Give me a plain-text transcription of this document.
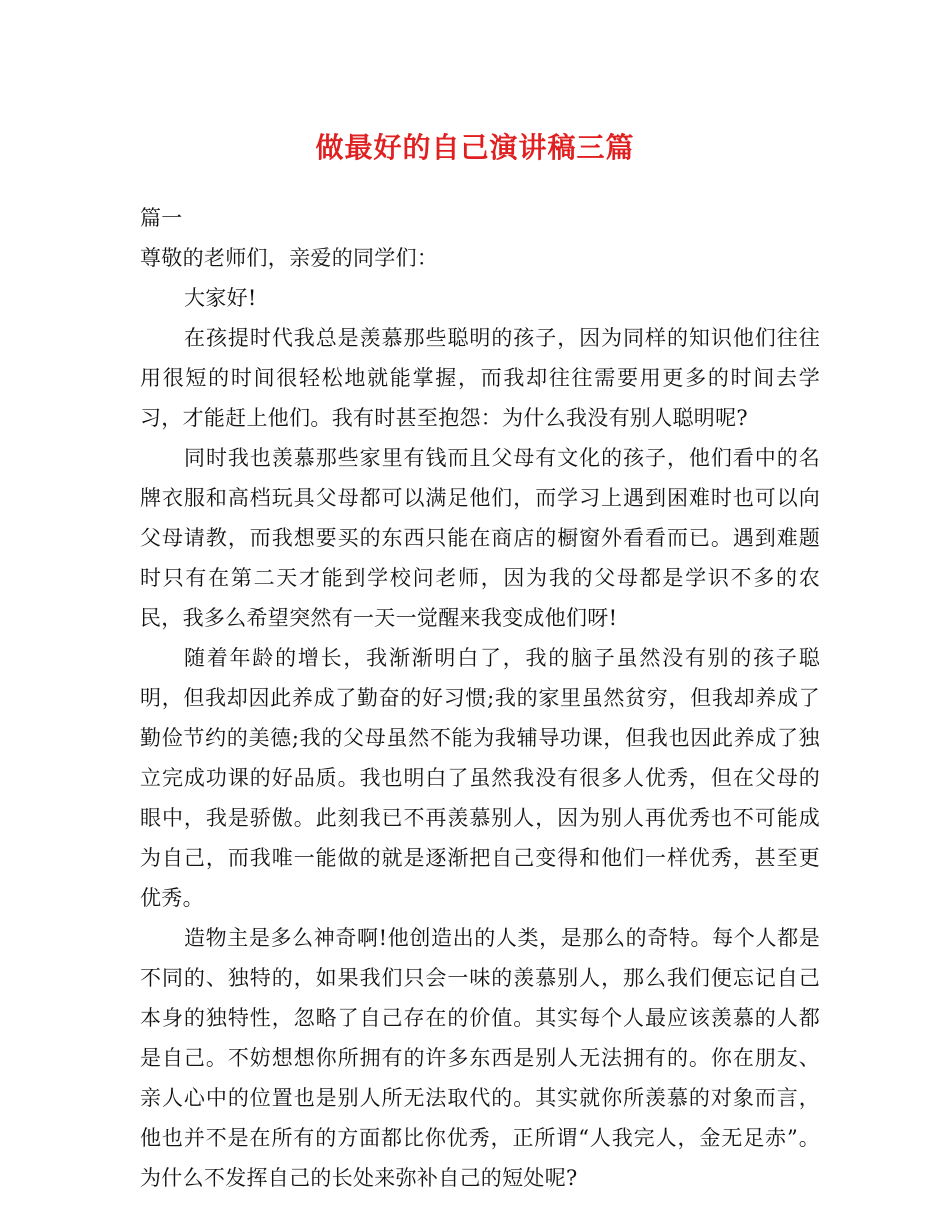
做最好的自己演讲稿三篇

篇一

尊敬的老师们，亲爱的同学们：

大家好!

在孩提时代我总是羡慕那些聪明的孩子，因为同样的知识他们往往用很短的时间很轻松地就能掌握，而我却往往需要用更多的时间去学习，才能赶上他们。我有时甚至抱怨：为什么我没有别人聪明呢?

同时我也羡慕那些家里有钱而且父母有文化的孩子，他们看中的名牌衣服和高档玩具父母都可以满足他们，而学习上遇到困难时也可以向父母请教，而我想要买的东西只能在商店的橱窗外看看而已。遇到难题时只有在第二天才能到学校问老师，因为我的父母都是学识不多的农民，我多么希望突然有一天一觉醒来我变成他们呀!

随着年龄的增长，我渐渐明白了，我的脑子虽然没有别的孩子聪明，但我却因此养成了勤奋的好习惯;我的家里虽然贫穷，但我却养成了勤俭节约的美德;我的父母虽然不能为我辅导功课，但我也因此养成了独立完成功课的好品质。我也明白了虽然我没有很多人优秀，但在父母的眼中，我是骄傲。此刻我已不再羡慕别人，因为别人再优秀也不可能成为自己，而我唯一能做的就是逐渐把自己变得和他们一样优秀，甚至更优秀。

造物主是多么神奇啊!他创造出的人类，是那么的奇特。每个人都是不同的、独特的，如果我们只会一味的羡慕别人，那么我们便忘记自己本身的独特性，忽略了自己存在的价值。其实每个人最应该羡慕的人都是自己。不妨想想你所拥有的许多东西是别人无法拥有的。你在朋友、亲人心中的位置也是别人所无法取代的。其实就你所羡慕的对象而言，他也并不是在所有的方面都比你优秀，正所谓“人我完人，金无足赤”。为什么不发挥自己的长处来弥补自己的短处呢?
